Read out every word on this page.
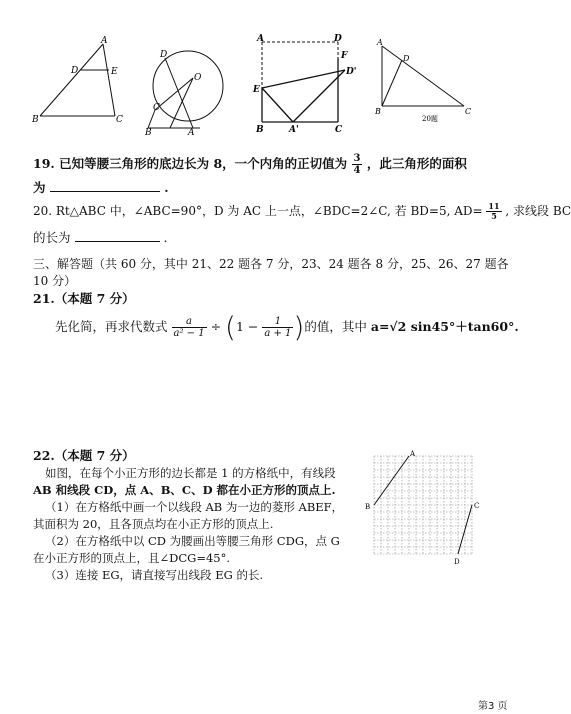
A
D	E
B	C
D
O
C
B	A
A	D
F
D'
E
B	A'	C
A
D
B	C
20题
19. 已知等腰三角形的底边长为 8，一个内角的正切值为 $\frac{3}{4}$ ，此三角形的面积
为	.
20. Rt△ABC 中，∠ABC=90°，D 为 AC 上一点，∠BDC=2∠C, 若 BD=5, $AD= \frac{11}{5}$ , 求线段 BC
的长为	.
三、解答题（共 60 分，其中 21、22 题各 7 分，23、24 题各 8 分，25、26、27 题各
10 分）
21.（本题 7 分）
先化简，再求代数式 $\frac{a}{\text{a² − 1}} \div (1 - \frac{1}{a + 1}$ )的值，其中 a=√2 sin45°＋tan60°.
22.（本题 7 分）
如图，在每个小正方形的边长都是 1 的方格纸中，有线段
AB 和线段 CD，点 A、B、C、D 都在小正方形的顶点上.
（1）在方格纸中画一个以线段 AB 为一边的菱形 ABEF，
其面积为 20，且各顶点均在小正方形的顶点上.
（2）在方格纸中以 CD 为腰画出等腰三角形 CDG，点 G
在小正方形的顶点上，且∠DCG=45°.
（3）连接 EG，请直接写出线段 EG 的长.
A
B	C
D
第3 页
